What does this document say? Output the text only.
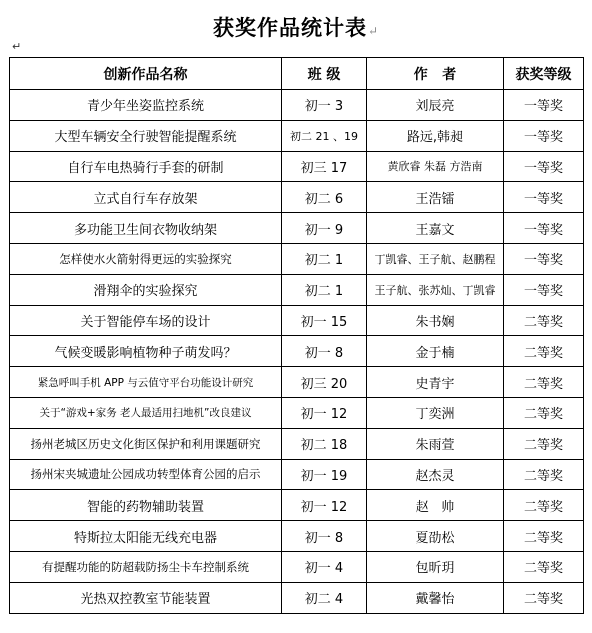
获奖作品统计表↵
↵
创新作品名称	班 级	作   者	获奖等级
青少年坐姿监控系统	初一 3	刘辰亮	一等奖
大型车辆安全行驶智能提醒系统	初二 21 、19	路远,韩昶	一等奖
自行车电热骑行手套的研制	初三 17	黄欣睿 朱磊 方浩南	一等奖
立式自行车存放架	初二 6	王浩镭	一等奖
多功能卫生间衣物收纳架	初一 9	王嘉文	一等奖
怎样使水火箭射得更远的实验探究	初二 1	丁凯睿、王子航、赵鹏程	一等奖
滑翔伞的实验探究	初二 1	王子航、张苏灿、丁凯睿	一等奖
关于智能停车场的设计	初一 15	朱书娴	二等奖
气候变暖影响植物种子萌发吗？	初一 8	金于楠	二等奖
紧急呼叫手机 APP 与云值守平台功能设计研究	初三 20	史青宇	二等奖
关于“游戏+家务 老人最适用扫地机”改良建议	初一 12	丁奕洲	二等奖
扬州老城区历史文化街区保护和利用课题研究	初二 18	朱雨萱	二等奖
扬州宋夹城遗址公园成功转型体育公园的启示	初一 19	赵杰灵	二等奖
智能的药物辅助装置	初一 12	赵   帅	二等奖
特斯拉太阳能无线充电器	初一 8	夏劭松	二等奖
有提醒功能的防超载防扬尘卡车控制系统	初一 4	包昕玥	二等奖
光热双控教室节能装置	初二 4	戴馨怡	二等奖
